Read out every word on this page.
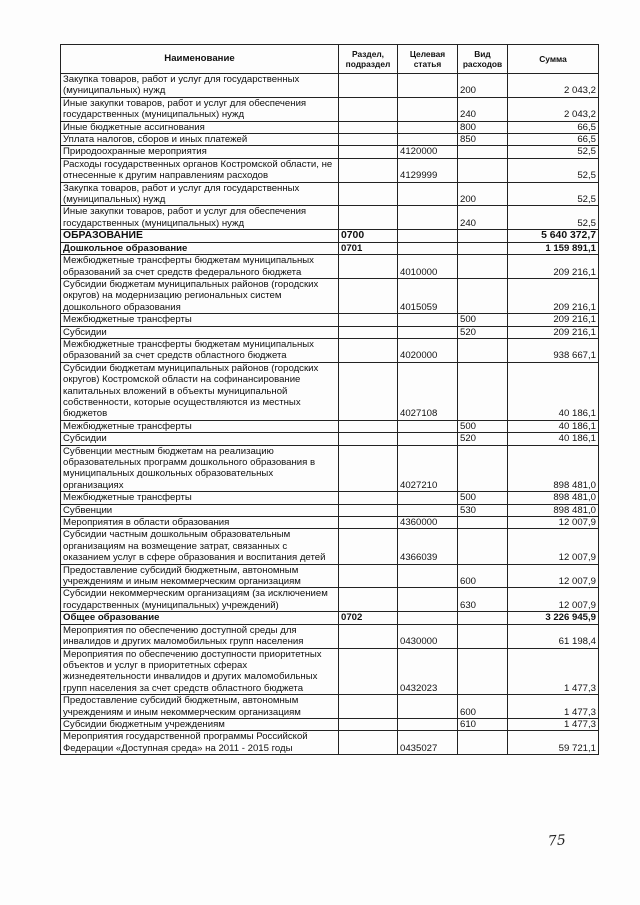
Наименование	Раздел, подраздел	Целевая статья	Вид расходов	Сумма
Закупка товаров, работ и услуг для государственных (муниципальных) нужд			200	2 043,2
Иные закупки товаров, работ и услуг для обеспечения государственных (муниципальных) нужд			240	2 043,2
Иные бюджетные ассигнования			800	66,5
Уплата налогов, сборов и иных платежей			850	66,5
Природоохранные мероприятия		4120000		52,5
Расходы государственных органов Костромской области, не отнесенные к другим направлениям расходов		4129999		52,5
Закупка товаров, работ и услуг для государственных (муниципальных) нужд			200	52,5
Иные закупки товаров, работ и услуг для обеспечения государственных (муниципальных) нужд			240	52,5
ОБРАЗОВАНИЕ	0700			5 640 372,7
Дошкольное образование	0701			1 159 891,1
Межбюджетные трансферты бюджетам муниципальных образований за счет средств федерального бюджета		4010000		209 216,1
Субсидии бюджетам муниципальных районов (городских округов) на модернизацию региональных систем дошкольного образования		4015059		209 216,1
Межбюджетные трансферты			500	209 216,1
Субсидии			520	209 216,1
Межбюджетные трансферты бюджетам муниципальных образований за счет средств областного бюджета		4020000		938 667,1
Субсидии бюджетам муниципальных районов (городских округов) Костромской области на софинансирование капитальных вложений в объекты муниципальной собственности, которые осуществляются из местных бюджетов		4027108		40 186,1
Межбюджетные трансферты			500	40 186,1
Субсидии			520	40 186,1
Субвенции местным бюджетам на реализацию образовательных программ дошкольного образования в муниципальных дошкольных образовательных организациях		4027210		898 481,0
Межбюджетные трансферты			500	898 481,0
Субвенции			530	898 481,0
Мероприятия в области образования		4360000		12 007,9
Субсидии частным дошкольным образовательным организациям на возмещение затрат, связанных с оказанием услуг в сфере образования и воспитания детей		4366039		12 007,9
Предоставление субсидий бюджетным, автономным учреждениям и иным некоммерческим организациям			600	12 007,9
Субсидии некоммерческим организациям (за исключением государственных (муниципальных) учреждений)			630	12 007,9
Общее образование	0702			3 226 945,9
Мероприятия по обеспечению доступной среды для инвалидов и других маломобильных групп населения		0430000		61 198,4
Мероприятия по обеспечению доступности приоритетных объектов и услуг в приоритетных сферах жизнедеятельности инвалидов и других маломобильных групп населения за счет средств областного бюджета		0432023		1 477,3
Предоставление субсидий бюджетным, автономным учреждениям и иным некоммерческим организациям			600	1 477,3
Субсидии бюджетным учреждениям			610	1 477,3
Мероприятия государственной программы Российской Федерации «Доступная среда» на 2011 - 2015 годы		0435027		59 721,1
75
